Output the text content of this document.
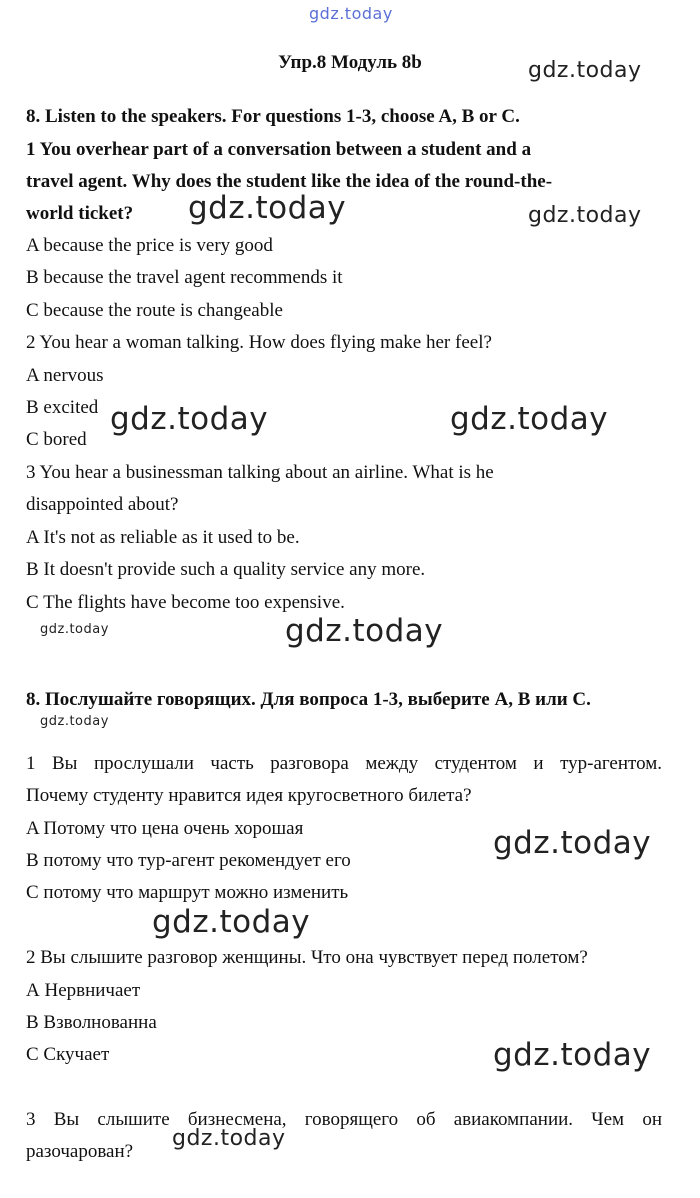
gdz.today
Упр.8 Модуль 8b
8. Listen to the speakers. For questions 1-3, choose A, B or C.
1 You overhear part of a conversation between a student and a
travel agent. Why does the student like the idea of the round-the-
world ticket?
A because the price is very good
B because the travel agent recommends it
C because the route is changeable
2 You hear a woman talking. How does flying make her feel?
A nervous
B excited
C bored
3 You hear a businessman talking about an airline. What is he
disappointed about?
A It's not as reliable as it used to be.
B It doesn't provide such a quality service any more.
C The flights have become too expensive.
8. Послушайте говорящих. Для вопроса 1-3, выберите A, B или C.
1 Вы прослушали часть разговора между студентом и тур-агентом.
Почему студенту нравится идея кругосветного билета?
A Потому что цена очень хорошая
B потому что тур-агент рекомендует его
C потому что маршрут можно изменить
2 Вы слышите разговор женщины. Что она чувствует перед полетом?
А Нервничает
В Взволнованна
С Скучает
3 Вы слышите бизнесмена, говорящего об авиакомпании. Чем он
разочарован?
gdz.today
gdz.today	gdz.today
gdz.today	gdz.today
gdz.today	gdz.today
gdz.today
gdz.today
gdz.today
gdz.today
gdz.today
